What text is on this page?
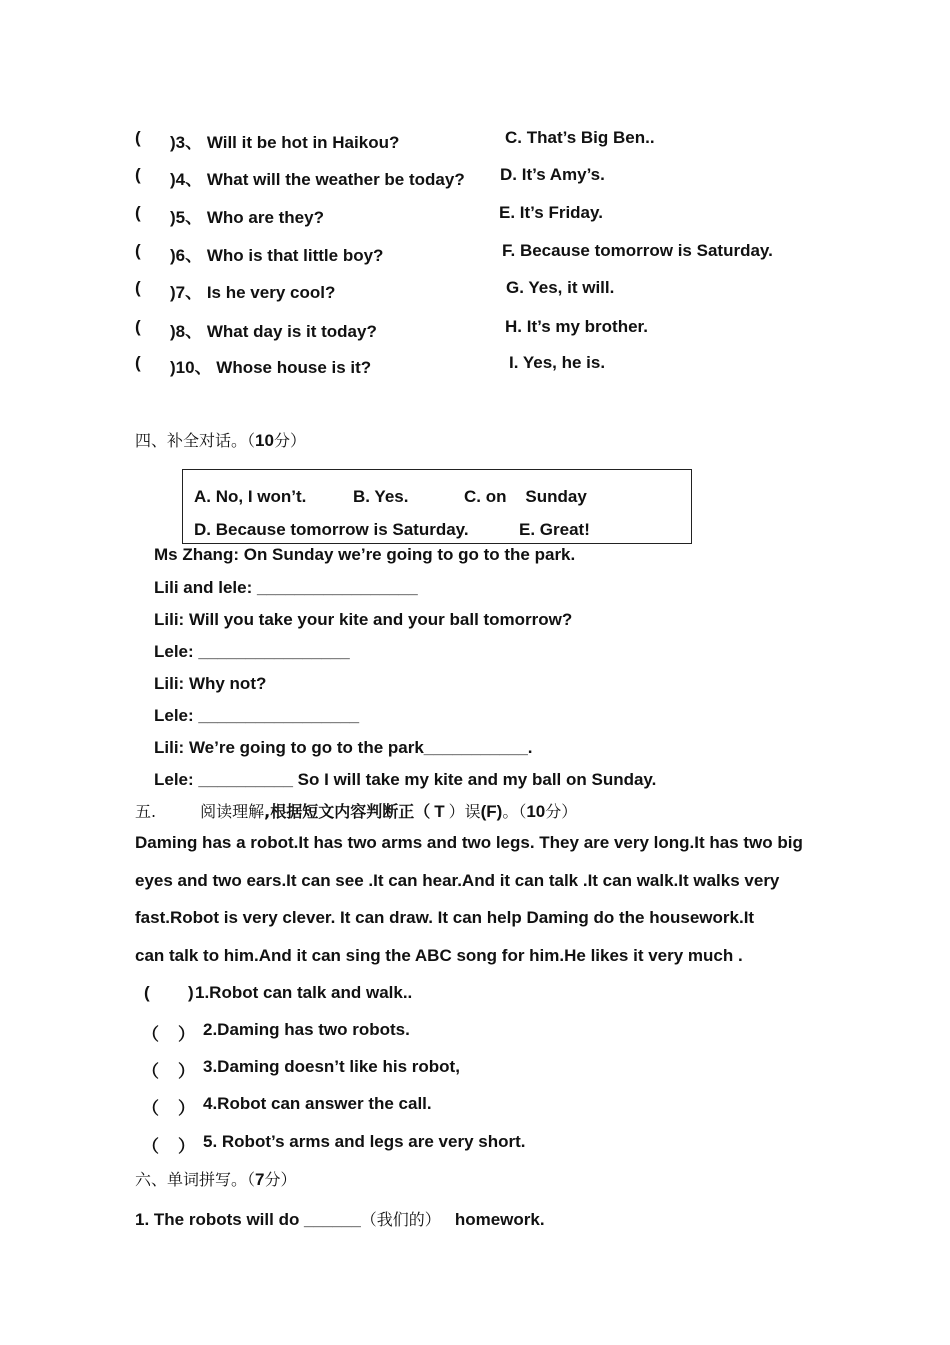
( )3、 Will it be hot in Haikou?	C. That’s Big Ben..
( )4、 What will the weather be today? D. It’s Amy’s.
( )5、 Who are they?	E. It’s Friday.
( )6、 Who is that little boy?	F. Because tomorrow is Saturday.
( )7、 Is he very cool?	G. Yes, it will.
( )8、 What day is it today?	H. It’s my brother.
( )10、 Whose house is it?	I. Yes, he is.
四、补全对话。（10分）
A. No, I won’t.	B. Yes.	C. on    Sunday
D. Because tomorrow is Saturday.	E. Great!
Ms Zhang: On Sunday we’re going to go to the park.
Lili and lele: _________________
Lili: Will you take your kite and your ball tomorrow?
Lele: ________________
Lili: Why not?
Lele: _________________
Lili: We’re going to go to the park___________.
Lele: __________ So I will take my kite and my ball on Sunday.
五.	阅读理解,根据短文内容判断正（ T ）误(F)。（10分）
Daming has a robot.It has two arms and two legs. They are very long.It has two big
eyes and two ears.It can see .It can hear.And it can talk .It can walk.It walks very
fast.Robot is very clever. It can draw. It can help Daming do the housework.It
can talk to him.And it can sing the ABC song for him.He likes it very much .
( ) 1.Robot can talk and walk..
（ ） 2.Daming has two robots.
（ ） 3.Daming doesn’t like his robot,
（ ） 4.Robot can answer the call.
（ ） 5. Robot’s arms and legs are very short.
六、单词拼写。（7分）
1. The robots will do ______（我们的） homework.
